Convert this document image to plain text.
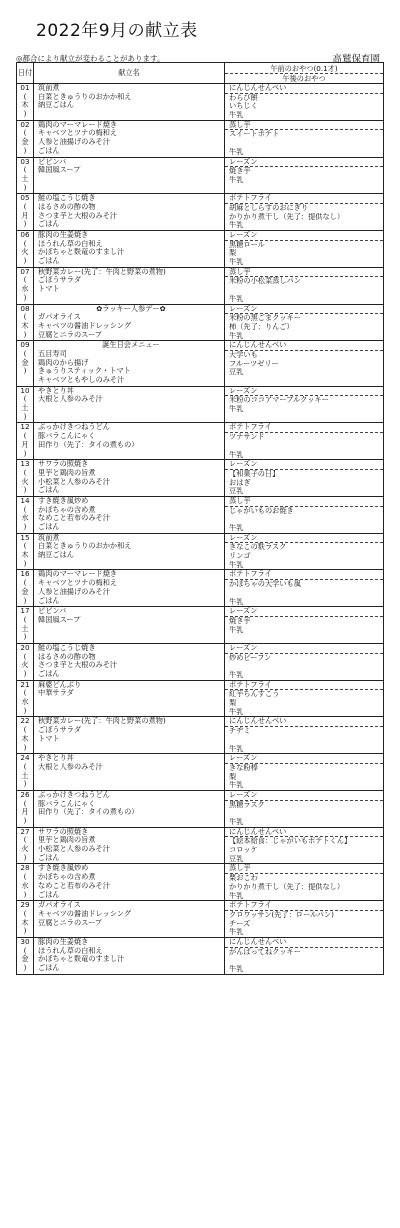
2022年9月の献立表
◎都合により献立が変わることがあります。	高鷲保育園
日付	献立名	午前のおやつ(0.1才)
午後のおやつ

01
(
木
)	筑前煮
白菜ときゅうりのおかか和え
納豆ごはん	にんじんせんべい
わらび餅
いちじく
牛乳

02
(
金
)	鶏肉のマーマレード焼き
キャベツとツナの梅和え
人参と油揚げのみそ汁
ごはん	蒸し芋
スイートポテト
牛乳

03
(
土
)	ビビンバ
韓国風スープ	レーズン
焼き芋
牛乳

05
(
月
)	鮭の塩こうじ焼き
はるさめの酢の物
さつま芋と大根のみそ汁
ごはん	ポテトフライ
胡麻としらすのおにぎり
かりかり煮干し（先了：提供なし）
牛乳

06
(
火
)	豚肉の生姜焼き
ほうれん草の白和え
かぼちゃと麩竜のすまし汁
ごはん	レーズン
黒糖ロール
梨
牛乳

07
(
水
)	秋野菜カレー(先了：牛肉と野菜の煮物)
ごぼうサラダ
トマト	蒸し芋
米粉の小松菜蒸しパン
牛乳

08
(
木
)	✿ラッキー人参デー✿
ガパオライス
キャベツの醤油ドレッシング
豆腐とニラのスープ	レーズン
米粉の黒ごまクッキー
柿（先了：りんご）
牛乳

09
(
金
)	誕生日会メニュー
五目寿司
鶏肉のから揚げ
きゅうりスティック・トマト
キャベツともやしのみそ汁	にんじんせんべい
大学いも
フルーツゼリー
豆乳

10
(
土
)	やきとり丼
大根と人参のみそ汁	レーズン
米粉のココアマーブルクッキー
牛乳

12
(
月
)	ぶっかけきつねうどん
豚バラこんにゃく
田作り（先了：タイの煮もの）	ポテトフライ
ツナサンド
牛乳

13
(
火
)	サワラの照焼き
里芋と鶏肉の旨煮
小松菜と人参のみそ汁
ごはん	レーズン
【和菓子の日】
おはぎ
豆乳

14
(
水
)	すき焼き風炒め
かぼちゃの含め煮
なめこと若布のみそ汁
ごはん	蒸し芋
じゃがいものお焼き
牛乳

15
(
木
)	筑前煮
白菜ときゅうりのおかか和え
納豆ごはん	レーズン
きなこの麩ラスク
リンゴ
牛乳

16
(
金
)	鶏肉のマーマレード焼き
キャベツとツナの梅和え
人参と油揚げのみそ汁
ごはん	ポテトフライ
かぼちゃの大学いも風
牛乳

17
(
土
)	ビビンバ
韓国風スープ	レーズン
焼き芋
牛乳

20
(
火
)	鮭の塩こうじ焼き
はるさめの酢の物
さつま芋と大根のみそ汁
ごはん	レーズン
炒めビーフン
牛乳

21
(
水
)	麻婆どんぶり
中華サラダ	ポテトフライ
紅芋ちんすこう
梨
牛乳

22
(
木
)	秋野菜カレー(先了：牛肉と野菜の煮物)
ごぼうサラダ
トマト	にんじんせんべい
チヂミ
牛乳

24
(
土
)	やきとり丼
大根と人参のみそ汁	レーズン
きな粉棒
梨
牛乳

26
(
月
)	ぶっかけきつねうどん
豚バラこんにゃく
田作り（先了：タイの煮もの）	レーズン
黒糖ラスク
牛乳

27
(
火
)	サワラの照焼き
里芋と鶏肉の旨煮
小松菜と人参のみそ汁
ごはん	にんじんせんべい
【絵本給食：じゃがいもポテトくん】
コロッケ
豆乳

28
(
水
)	すき焼き風炒め
かぼちゃの含め煮
なめこと若布のみそ汁
ごはん	蒸し芋
栗おこわ
かりかり煮干し（先了：提供なし）
牛乳

29
(
木
)	ガパオライス
キャベツの醤油ドレッシング
豆腐とニラのスープ	ポテトフライ
クロワッサン(先了：ロールパン)
チーズ
牛乳

30
(
金
)	豚肉の生姜焼き
ほうれん草の白和え
かぼちゃと麩竜のすまし汁
ごはん	にんじんせんべい
がんばってねクッキー
牛乳
